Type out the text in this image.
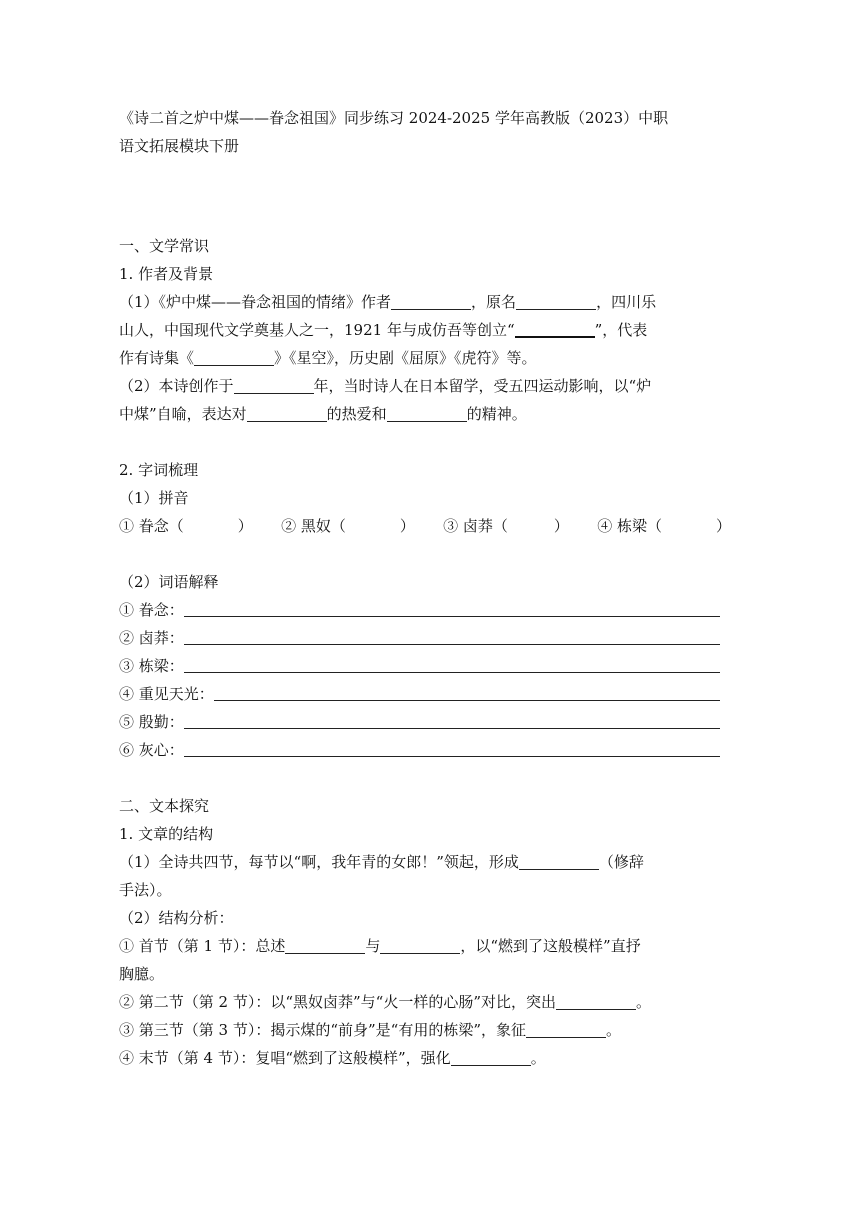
《诗二首之炉中煤——眷念祖国》同步练习 2024-2025 学年高教版（2023）中职
语文拓展模块下册
一、文学常识
1. 作者及背景
（1）《炉中煤——眷念祖国的情绪》作者	，原名	，四川乐
山人，中国现代文学奠基人之一，1921 年与成仿吾等创立“	”，代表
作有诗集《	》《星空》，历史剧《屈原》《虎符》等。
（2）本诗创作于	年，当时诗人在日本留学，受五四运动影响，以“炉
中煤”自喻，表达对	的热爱和	的精神。
2. 字词梳理
（1）拼音
① 眷念（	） ② 黑奴（	） ③ 卤莽（	） ④ 栋梁（	）
（2）词语解释
① 眷念：
② 卤莽：
③ 栋梁：
④ 重见天光：
⑤ 殷勤：
⑥ 灰心：
二、文本探究
1. 文章的结构
（1）全诗共四节，每节以“啊，我年青的女郎！”领起，形成	（修辞
手法）。
（2）结构分析：
① 首节（第 1 节）：总述	与	，以“燃到了这般模样”直抒
胸臆。
② 第二节（第 2 节）：以“黑奴卤莽”与“火一样的心肠”对比，突出	。
③ 第三节（第 3 节）：揭示煤的“前身”是“有用的栋梁”，象征	。
④ 末节（第 4 节）：复唱“燃到了这般模样”，强化	。
